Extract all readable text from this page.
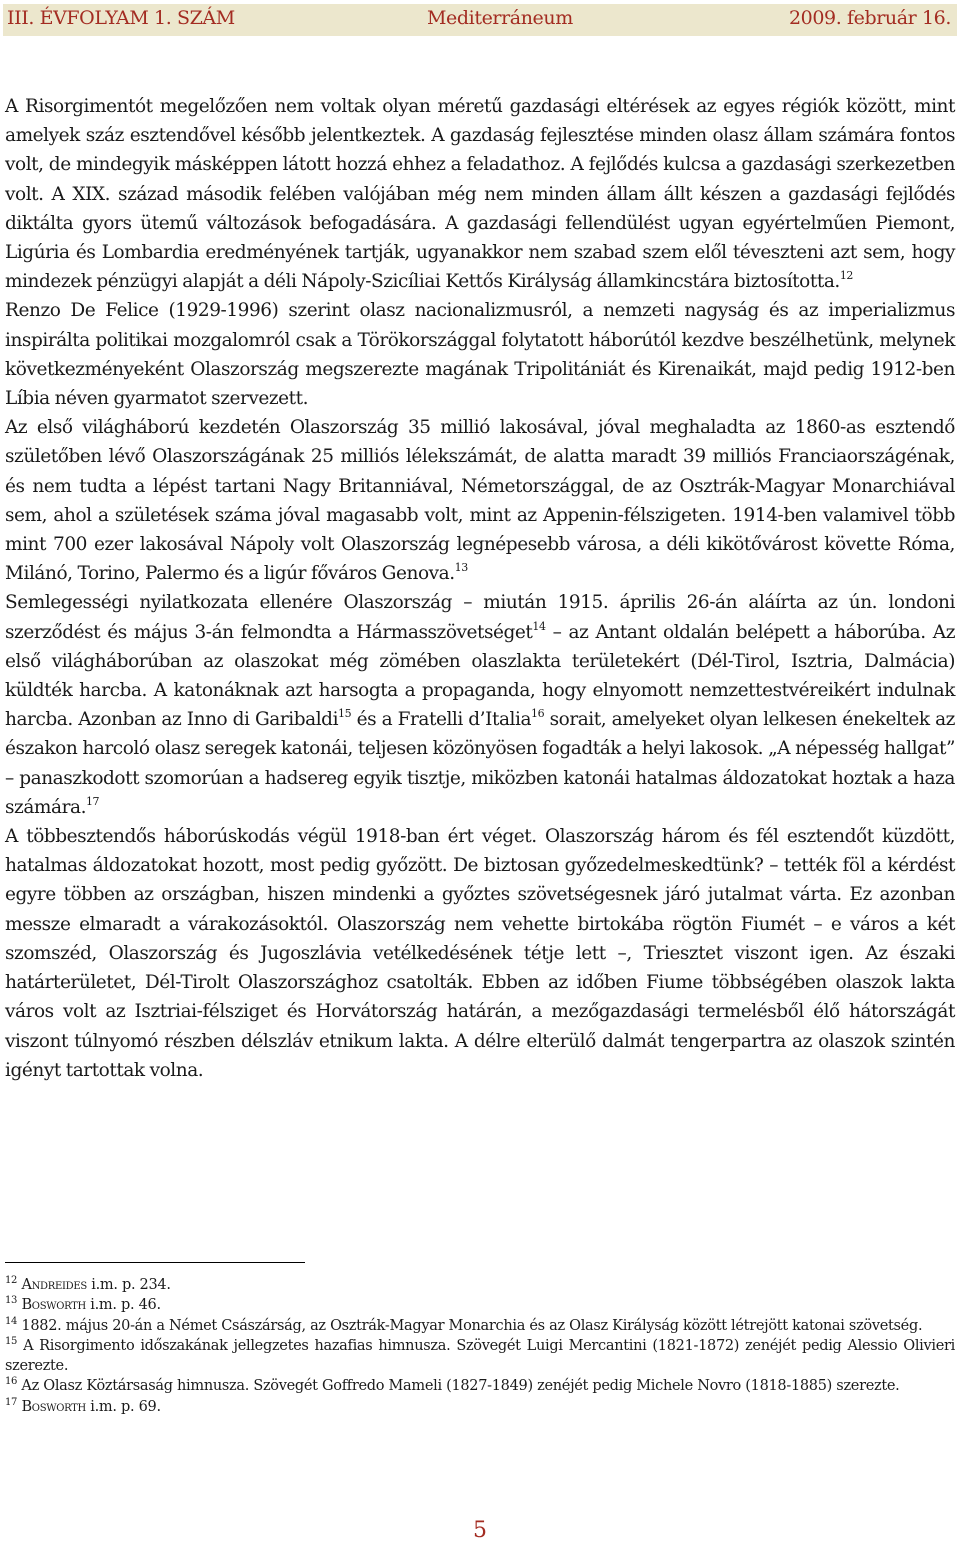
III. ÉVFOLYAM 1. SZÁM	Mediterráneum	2009. február 16.

A Risorgimentót megelőzően nem voltak olyan méretű gazdasági eltérések az egyes régiók között, mint amelyek száz esztendővel később jelentkeztek. A gazdaság fejlesztése minden olasz állam számára fontos volt, de mindegyik másképpen látott hozzá ehhez a feladathoz. A fejlődés kulcsa a gazdasági szerkezetben volt. A XIX. század második felében valójában még nem minden állam állt készen a gazdasági fejlődés diktálta gyors ütemű változások befogadására. A gazdasági fellendülést ugyan egyértelműen Piemont, Ligúria és Lombardia eredményének tartják, ugyanakkor nem szabad szem elől téveszteni azt sem, hogy mindezek pénzügyi alapját a déli Nápoly-Szicíliai Kettős Királyság államkincstára biztosította.$^{12}$

Renzo De Felice (1929-1996) szerint olasz nacionalizmusról, a nemzeti nagyság és az imperializmus inspirálta politikai mozgalomról csak a Törökországgal folytatott háborútól kezdve beszélhetünk, melynek következményeként Olaszország megszerezte magának Tripolitániát és Kirenaikát, majd pedig 1912-ben Líbia néven gyarmatot szervezett.

Az első világháború kezdetén Olaszország 35 millió lakosával, jóval meghaladta az 1860-as esztendő születőben lévő Olaszországának 25 milliós lélekszámát, de alatta maradt 39 milliós Franciaországénak, és nem tudta a lépést tartani Nagy Britanniával, Németországgal, de az Osztrák-Magyar Monarchiával sem, ahol a születések száma jóval magasabb volt, mint az Appenin-félszigeten. 1914-ben valamivel több mint 700 ezer lakosával Nápoly volt Olaszország legnépesebb városa, a déli kikötővárost követte Róma, Milánó, Torino, Palermo és a ligúr főváros Genova.$^{13}$

Semlegességi nyilatkozata ellenére Olaszország – miután 1915. április 26-án aláírta az ún. londoni szerződést és május 3-án felmondta a Hármasszövetséget$^{14}$ – az Antant oldalán belépett a háborúba. Az első világháborúban az olaszokat még zömében olaszlakta területekért (Dél-Tirol, Isztria, Dalmácia) küldték harcba. A katonáknak azt harsogta a propaganda, hogy elnyomott nemzettestvéreikért indulnak harcba. Azonban az Inno di Garibaldi$^{15}$ és a Fratelli d’Italia$^{16}$ sorait, amelyeket olyan lelkesen énekeltek az északon harcoló olasz seregek katonái, teljesen közönyösen fogadták a helyi lakosok. „A népesség hallgat” – panaszkodott szomorúan a hadsereg egyik tisztje, miközben katonái hatalmas áldozatokat hoztak a haza számára.$^{17}$

A többesztendős háborúskodás végül 1918-ban ért véget. Olaszország három és fél esztendőt küzdött, hatalmas áldozatokat hozott, most pedig győzött. De biztosan győzedelmeskedtünk? – tették föl a kérdést egyre többen az országban, hiszen mindenki a győztes szövetségesnek járó jutalmat várta. Ez azonban messze elmaradt a várakozásoktól. Olaszország nem vehette birtokába rögtön Fiumét – e város a két szomszéd, Olaszország és Jugoszlávia vetélkedésének tétje lett –, Triesztet viszont igen. Az északi határterületet, Dél-Tirolt Olaszországhoz csatolták. Ebben az időben Fiume többségében olaszok lakta város volt az Isztriai-félsziget és Horvátország határán, a mezőgazdasági termelésből élő hátországát viszont túlnyomó részben délszláv etnikum lakta. A délre elterülő dalmát tengerpartra az olaszok szintén igényt tartottak volna.

$^{12}$ Andreides i.m. p. 234.

$^{13}$ Bosworth i.m. p. 46.

$^{14}$ 1882. május 20-án a Német Császárság, az Osztrák-Magyar Monarchia és az Olasz Királyság között létrejött katonai szövetség.

$^{15}$ A Risorgimento időszakának jellegzetes hazafias himnusza. Szövegét Luigi Mercantini (1821-1872) zenéjét pedig Alessio Olivieri szerezte.

$^{16}$ Az Olasz Köztársaság himnusza. Szövegét Goffredo Mameli (1827-1849) zenéjét pedig Michele Novro (1818-1885) szerezte.

$^{17}$ Bosworth i.m. p. 69.

5
